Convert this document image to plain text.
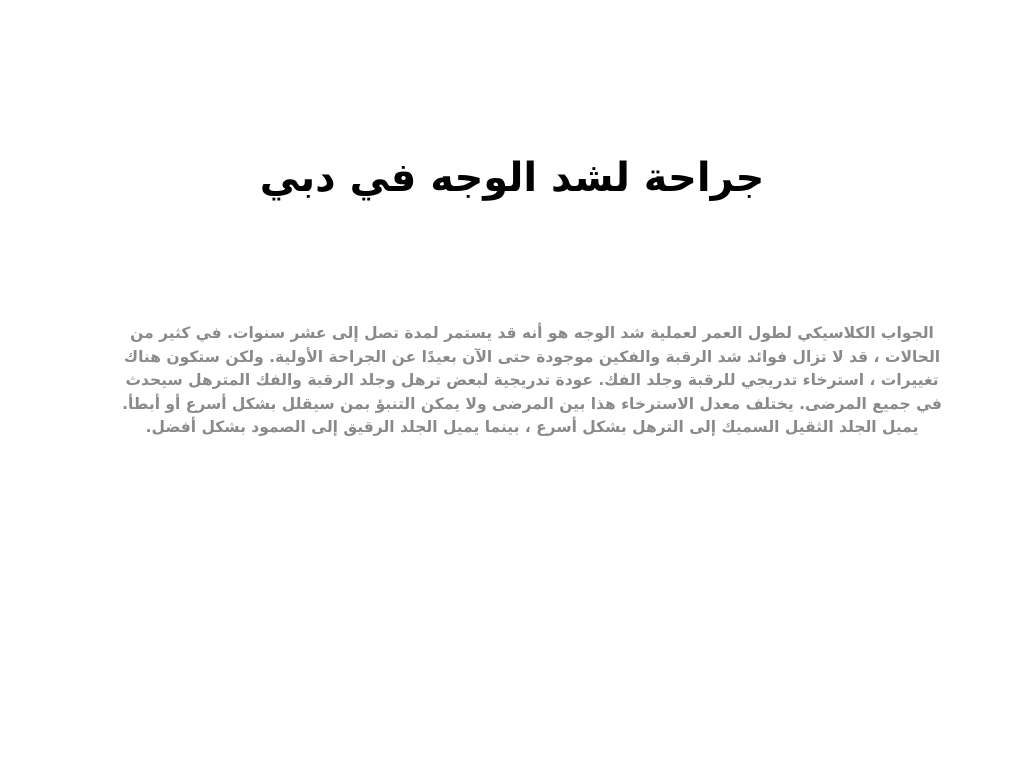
جراحة لشد الوجه في دبي

الجواب الكلاسيكي لطول العمر لعملية شد الوجه هو أنه قد يستمر لمدة تصل إلى عشر سنوات. في كثير من الحالات ، قد لا تزال فوائد شد الرقبة والفكين موجودة حتى الآن بعيدًا عن الجراحة الأولية. ولكن ستكون هناك تغييرات ، استرخاء تدريجي للرقبة وجلد الفك. عودة تدريجية لبعض ترهل وجلد الرقبة والفك المترهل سيحدث في جميع المرضى. يختلف معدل الاسترخاء هذا بين المرضى ولا يمكن التنبؤ بمن سيقلل بشكل أسرع أو أبطأ. يميل الجلد الثقيل السميك إلى الترهل بشكل أسرع ، بينما يميل الجلد الرقيق إلى الصمود بشكل أفضل.
